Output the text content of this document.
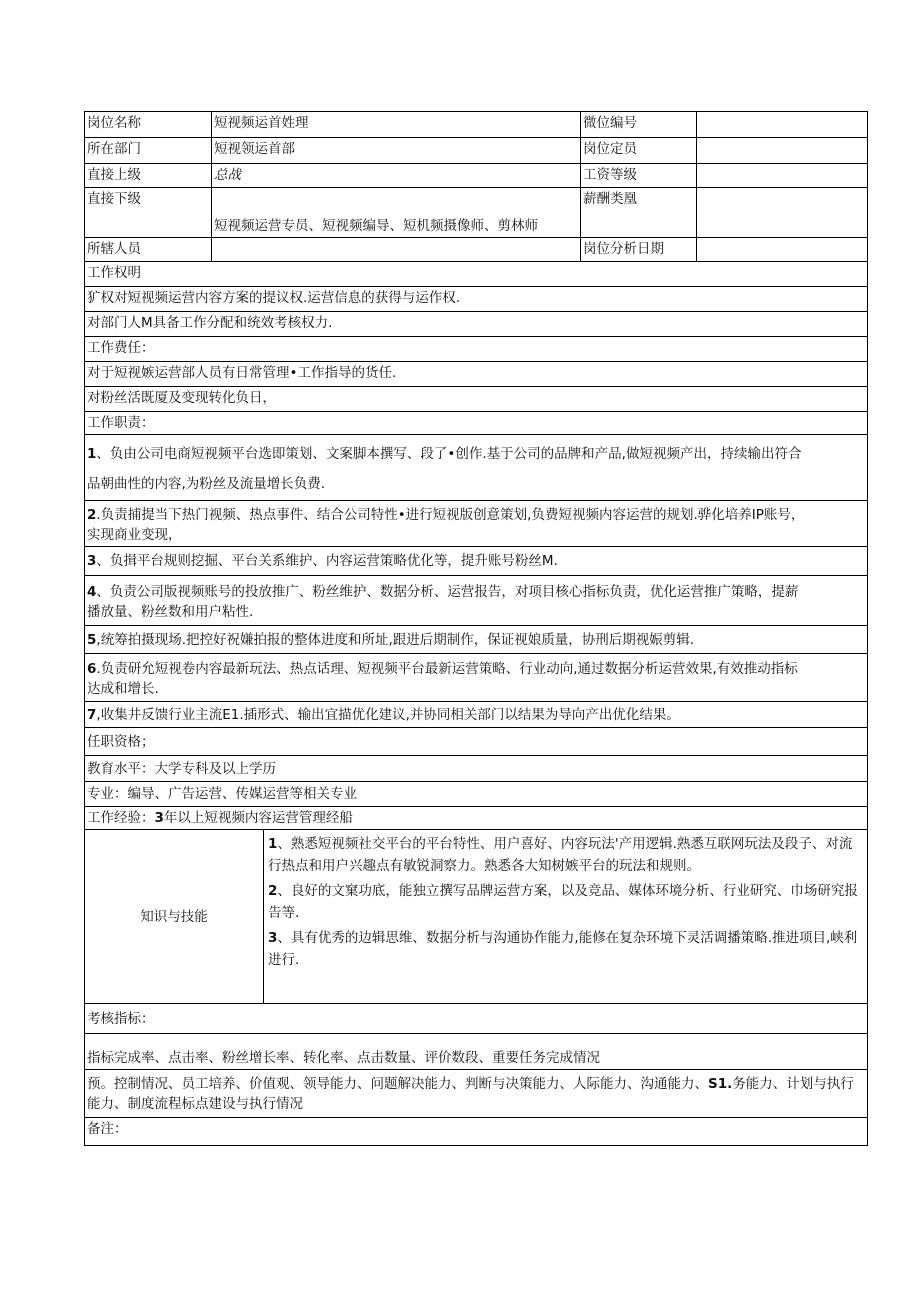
岗位名称	短视频运首姓理		微位编号	
所在部门	短视领运首部		岗位定员	
直接上级	总战		工资等级	
直接下级	短视频运营专员、短视频编导、短机频摄像师、剪林师		薪酬类凰	
所辖人员			岗位分析日期	
工作权明				
犷权对短视频运营内容方案的提议权.运营信息的获得与运作权.				
对部门人M具备工作分配和统效考核权力.				
工作费任：				
对于短视嫉运营部人员有日常管理•工作指导的货任.				
对粉丝活既厦及变现转化负日，				
工作职责：				

1、负由公司电商短视频平台选即策划、文案脚本撰写、段了•创作.基于公司的品牌和产品,做短视频产出，持续输出符合
品朝曲性的内容,为粉丝及流量增长负费.				

2.负责捕提当下热门视频、热点事件、结合公司特性•进行短视版创意策划,负费短视频内容运营的规划.骅化培养IP账号，
实现商业变现，				

3、负揖平台规则挖掘、平台关系维护、内容运营策略优化等，提升账号粉丝M.				

4、负责公司版视频账号的投放推广、粉丝维护、数据分析、运营报告，对项目核心指标负责，优化运营推广策略，提薪
播放量、粉丝数和用户粘性.				

5,统筹拍摄现场.把控好祝嫌拍报的整体进度和所址,跟进后期制作，保证视娘质量，协刑后期视娠剪辑.				

6.负责研允短视卷内容最新玩法、热点话理、短视频平台最新运营策略、行业动向,通过数据分析运营效果,有效推动指标
达成和增长.				

7,收集井反馈行业主流E1.插形式、输出宜描优化建议,并协同相关部门以结果为导向产出优化结果。				
任职资格；				
教育水平：大学专科及以上学历				
专业：编导、广告运营、传媒运营等相关专业				
工作经验：3年以上短视频内容运营管理经船				
知识与技能		1、熟悉短视频社交平台的平台特性、用户喜好、内容玩法'产用逻辑.熟悉互联网玩法及段子、对流行热点和用户兴趣点有敏锐洞察力。熟悉各大知树嫉平台的玩法和规则。
2、良好的文窠功底，能独立撰写品牌运营方案，以及竞品、媒体环境分析、行业研究、巾场研究报告等.
3、具有优秀的边辑思维、数据分析与沟通协作能力,能修在复杂环境下灵活调播策略.推进项目,峡利进行.		

考核指标：				
指标完成率、点击率、粉丝增长率、转化率、点击数量、评价数段、重要任务完成情况				
预。控制情况、员工培养、价值观、领导能力、问题解决能力、判断与决策能力、人际能力、沟通能力、S1.务能力、计划与执行能力、制度流程标点建设与执行情况				
备注：				
